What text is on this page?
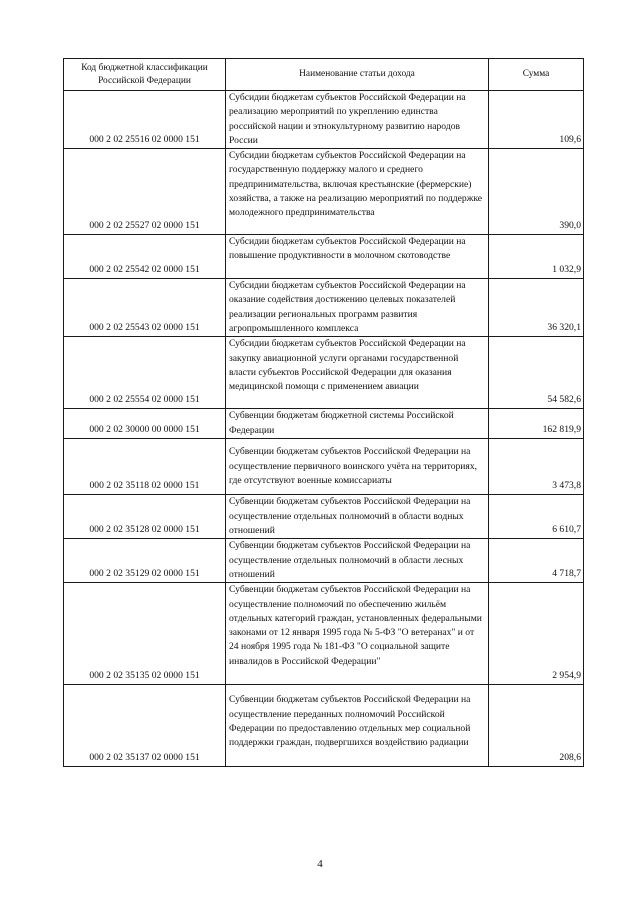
Код бюджетной классификации Российской Федерации	Наименование статьи дохода	Сумма
000 2 02 25516 02 0000 151	Субсидии бюджетам субъектов Российской Федерации на реализацию мероприятий по укреплению единства российской нации и этнокультурному развитию народов России	109,6
000 2 02 25527 02 0000 151	Субсидии бюджетам субъектов Российской Федерации на государственную поддержку малого и среднего предпринимательства, включая крестьянские (фермерские) хозяйства, а также на реализацию мероприятий по поддержке молодежного предпринимательства	390,0
000 2 02 25542 02 0000 151	Субсидии бюджетам субъектов Российской Федерации на повышение продуктивности в молочном скотоводстве	1 032,9
000 2 02 25543 02 0000 151	Субсидии бюджетам субъектов Российской Федерации на оказание содействия достижению целевых показателей реализации региональных программ развития агропромышленного комплекса	36 320,1
000 2 02 25554 02 0000 151	Субсидии бюджетам субъектов Российской Федерации на закупку авиационной услуги органами государственной власти субъектов Российской Федерации для оказания медицинской помощи с применением авиации	54 582,6
000 2 02 30000 00 0000 151	Субвенции бюджетам бюджетной системы Российской Федерации	162 819,9
000 2 02 35118 02 0000 151	Субвенции бюджетам субъектов Российской Федерации на осуществление первичного воинского учёта на территориях, где отсутствуют военные комиссариаты	3 473,8
000 2 02 35128 02 0000 151	Субвенции бюджетам субъектов Российской Федерации на осуществление отдельных полномочий в области водных отношений	6 610,7
000 2 02 35129 02 0000 151	Субвенции бюджетам субъектов Российской Федерации на осуществление отдельных полномочий в области лесных отношений	4 718,7
000 2 02 35135 02 0000 151	Субвенции бюджетам субъектов Российской Федерации на осуществление полномочий по обеспечению жильём отдельных категорий граждан, установленных федеральными законами от 12 января 1995 года № 5-ФЗ "О ветеранах" и от 24 ноября 1995 года № 181-ФЗ "О социальной защите инвалидов в Российской Федерации"	2 954,9
000 2 02 35137 02 0000 151	Субвенции бюджетам субъектов Российской Федерации на осуществление переданных полномочий Российской Федерации по предоставлению отдельных мер социальной поддержки граждан, подвергшихся воздействию радиации	208,6
4
